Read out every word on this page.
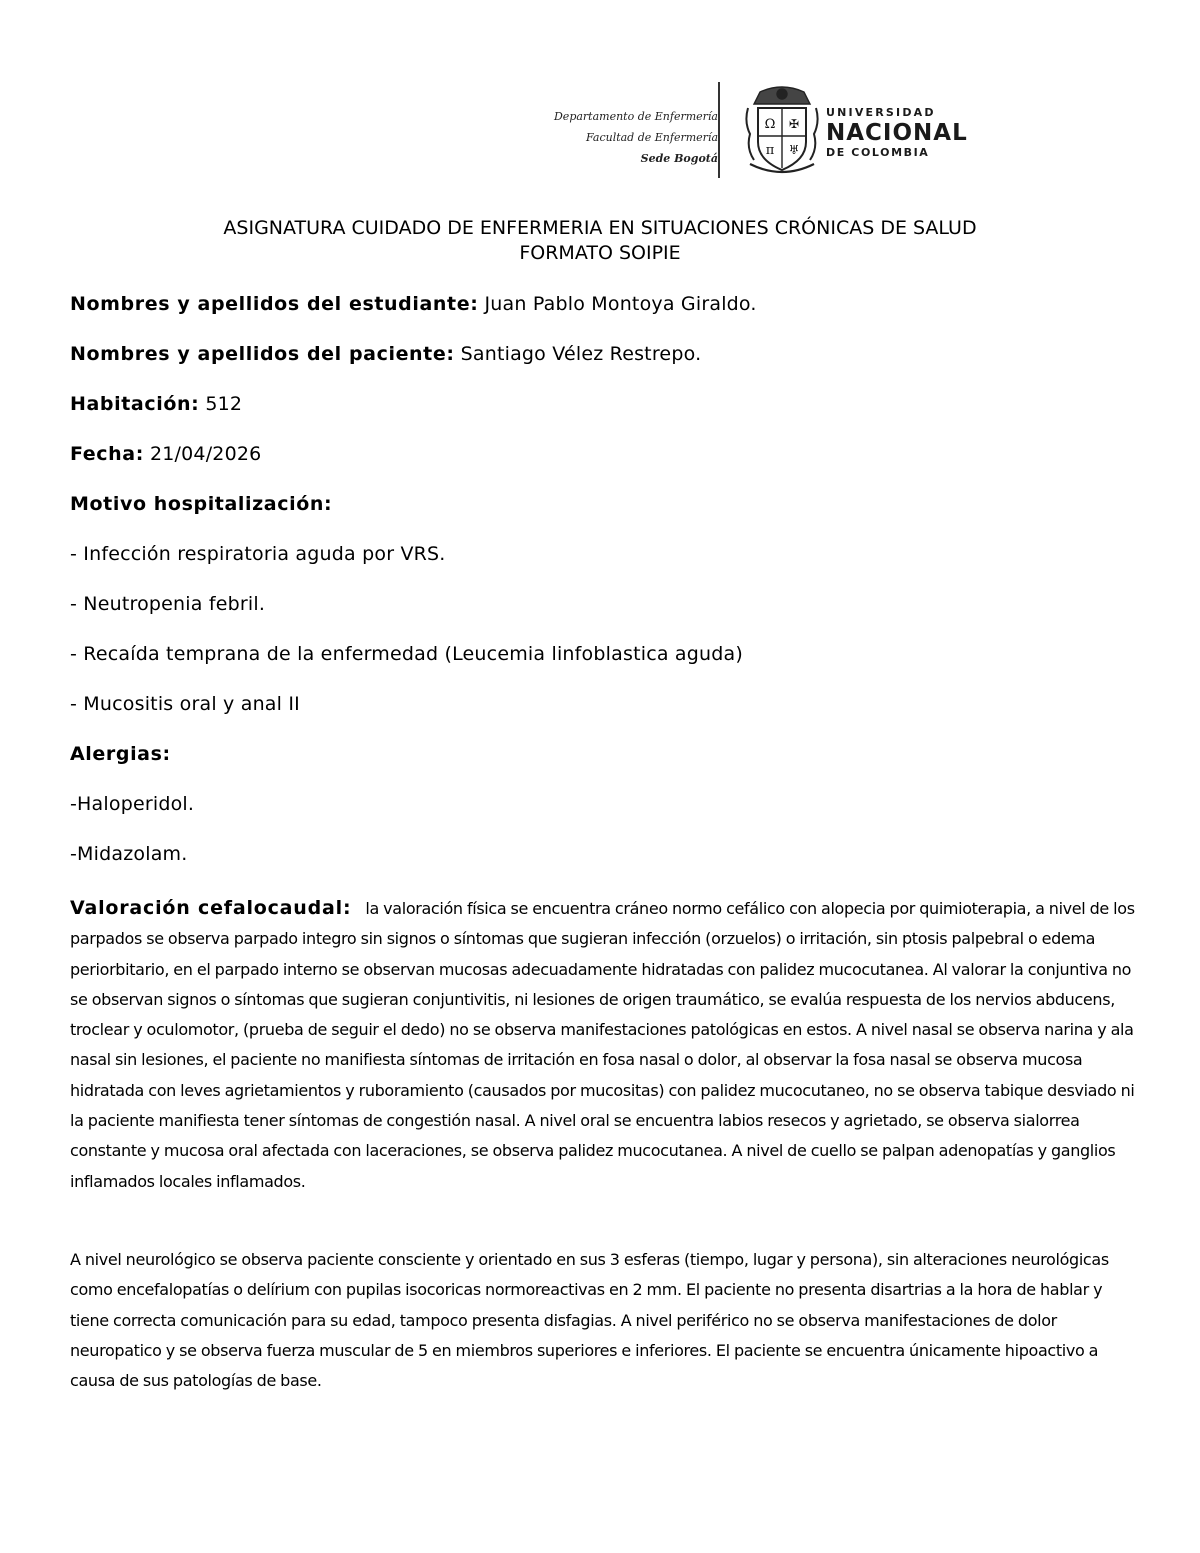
Departamento de Enfermería
Facultad de Enfermería
Sede Bogotá
Ω ✠
π ♅
UNIVERSIDAD
NACIONAL
DE COLOMBIA
ASIGNATURA CUIDADO DE ENFERMERIA EN SITUACIONES CRÓNICAS DE SALUD
FORMATO SOIPIE
Nombres y apellidos del estudiante: Juan Pablo Montoya Giraldo.
Nombres y apellidos del paciente: Santiago Vélez Restrepo.
Habitación: 512
Fecha: 21/04/2026
Motivo hospitalización:
- Infección respiratoria aguda por VRS.
- Neutropenia febril.
- Recaída temprana de la enfermedad (Leucemia linfoblastica aguda)
- Mucositis oral y anal II
Alergias:
-Haloperidol.
-Midazolam.

Valoración cefalocaudal: la valoración física se encuentra cráneo normo cefálico con alopecia por quimioterapia, a nivel de los parpados se observa parpado integro sin signos o síntomas que sugieran infección (orzuelos) o irritación, sin ptosis palpebral o edema periorbitario, en el parpado interno se observan mucosas adecuadamente hidratadas con palidez mucocutanea. Al valorar la conjuntiva no se observan signos o síntomas que sugieran conjuntivitis, ni lesiones de origen traumático, se evalúa respuesta de los nervios abducens, troclear y oculomotor, (prueba de seguir el dedo) no se observa manifestaciones patológicas en estos. A nivel nasal se observa narina y ala nasal sin lesiones, el paciente no manifiesta síntomas de irritación en fosa nasal o dolor, al observar la fosa nasal se observa mucosa hidratada con leves agrietamientos y ruboramiento (causados por mucositas) con palidez mucocutaneo, no se observa tabique desviado ni la paciente manifiesta tener síntomas de congestión nasal. A nivel oral se encuentra labios resecos y agrietado, se observa sialorrea constante y mucosa oral afectada con laceraciones, se observa palidez mucocutanea. A nivel de cuello se palpan adenopatías y ganglios inflamados locales inflamados.

A nivel neurológico se observa paciente consciente y orientado en sus 3 esferas (tiempo, lugar y persona), sin alteraciones neurológicas como encefalopatías o delírium con pupilas isocoricas normoreactivas en 2 mm. El paciente no presenta disartrias a la hora de hablar y tiene correcta comunicación para su edad, tampoco presenta disfagias. A nivel periférico no se observa manifestaciones de dolor neuropatico y se observa fuerza muscular de 5 en miembros superiores e inferiores. El paciente se encuentra únicamente hipoactivo a causa de sus patologías de base.
